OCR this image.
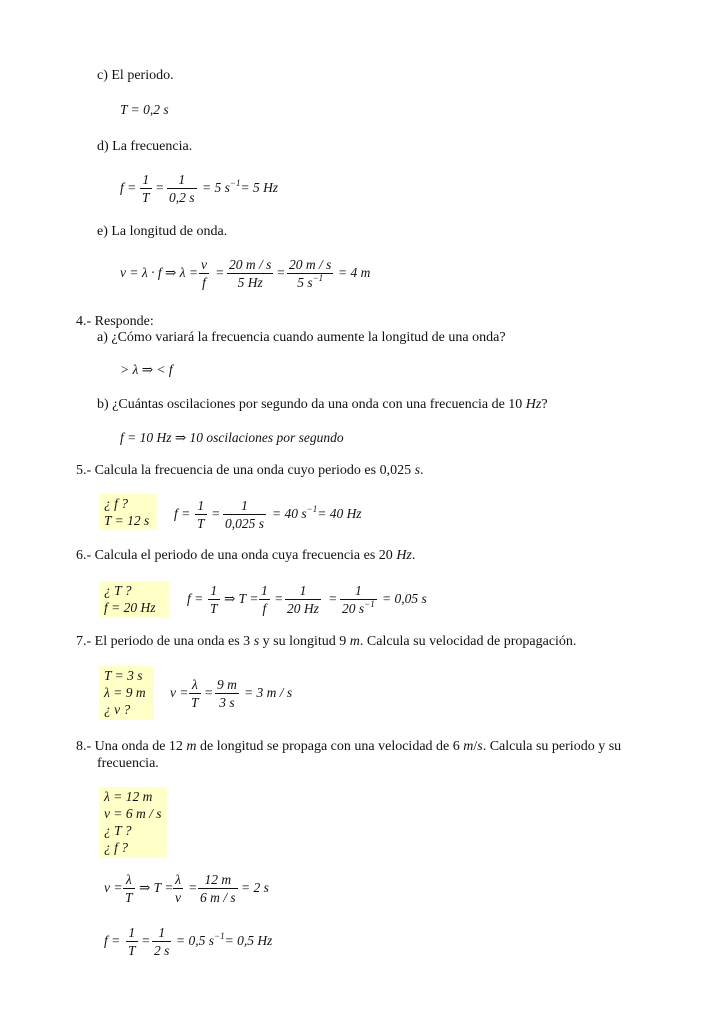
c) El periodo.
T = 0,2 s
d) La frecuencia.
$f = \frac{1}{T} = \frac{1}{0,2 s} = 5$ $s^{-1}= 5$ Hz
e) La longitud de onda.
v = λ · f ⇒ $\lambda = \frac{v}{f} = \frac{20 m / s}{5 Hz} = \frac{20 m / s}{5 s^{-1}} = 4$ m
4.- Responde:
a) ¿Cómo variará la frecuencia cuando aumente la longitud de una onda?
> λ ⇒ < f
b) ¿Cuántas oscilaciones por segundo da una onda con una frecuencia de 10 Hz?
f = 10 Hz ⇒ 10 oscilaciones por segundo
5.- Calcula la frecuencia de una onda cuyo periodo es 0,025 s.
¿ f ?
T = 12 s $f = \frac{1}{T} = \frac{1}{0,025 s} = 40$ $s^{-1}= 40$ Hz
6.- Calcula el periodo de una onda cuya frecuencia es 20 Hz.
¿ T ?
f = 20 Hz
$f = \frac{1}{T}$ ⇒ $T = \frac{1}{f} = \frac{1}{20 Hz} = \frac{1}{20 s^{-1}} = 0,05$ s
7.- El periodo de una onda es 3 s y su longitud 9 m. Calcula su velocidad de propagación.
T = 3 s
λ = 9 m
¿ v ?
$v = \frac{\lambda}{T} = \frac{9 m}{3 s} = 3$ m / s
8.- Una onda de 12 m de longitud se propaga con una velocidad de 6 m/s. Calcula su periodo y su
frecuencia.
λ = 12 m
v = 6 m / s
¿ T ?
¿ f ?
$v = \frac{\lambda}{T}$ ⇒ $T = \frac{\lambda}{v} = \frac{12 m}{6 m / s} = 2$ s
$f = \frac{1}{T} = \frac{1}{2 s} = 0,5$ $s^{-1}= 0,5$ Hz
